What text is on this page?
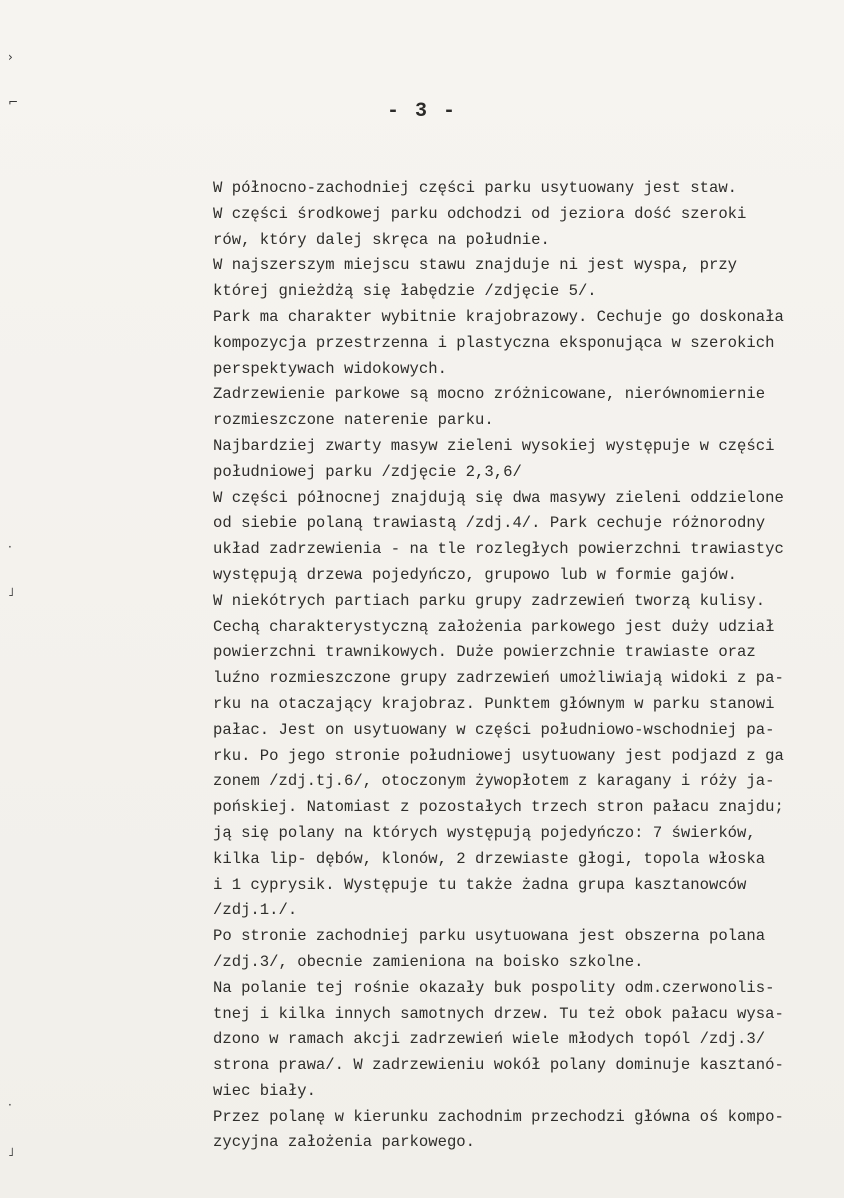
›
⌐
·
˩
·
˩
- 3 -
W północno-zachodniej części parku usytuowany jest staw.
W części środkowej parku odchodzi od jeziora dość szeroki
rów, który dalej skręca na południe.
W najszerszym miejscu stawu znajduje ni jest wyspa, przy
której gnieżdżą się łabędzie /zdjęcie 5/.
Park ma charakter wybitnie krajobrazowy. Cechuje go doskonała
kompozycja przestrzenna i plastyczna eksponująca w szerokich
perspektywach widokowych.
Zadrzewienie parkowe są mocno zróżnicowane, nierównomiernie
rozmieszczone naterenie parku.
Najbardziej zwarty masyw zieleni wysokiej występuje w części
południowej parku /zdjęcie 2,3,6/
W części północnej znajdują się dwa masywy zieleni oddzielone
od siebie polaną trawiastą /zdj.4/. Park cechuje różnorodny
układ zadrzewienia - na tle rozległych powierzchni trawiastyc
występują drzewa pojedyńczo, grupowo lub w formie gajów.
W niekótrych partiach parku grupy zadrzewień tworzą kulisy.
Cechą charakterystyczną założenia parkowego jest duży udział
powierzchni trawnikowych. Duże powierzchnie trawiaste oraz
luźno rozmieszczone grupy zadrzewień umożliwiają widoki z pa-
rku na otaczający krajobraz. Punktem głównym w parku stanowi
pałac. Jest on usytuowany w części południowo-wschodniej pa-
rku. Po jego stronie południowej usytuowany jest podjazd z ga
zonem /zdj.tj.6/, otoczonym żywopłotem z karagany i róży ja-
pońskiej. Natomiast z pozostałych trzech stron pałacu znajdu;
ją się polany na których występują pojedyńczo: 7 świerków,
kilka lip- dębów, klonów, 2 drzewiaste głogi, topola włoska
i 1 cyprysik. Występuje tu także żadna grupa kasztanowców
/zdj.1./.
Po stronie zachodniej parku usytuowana jest obszerna polana
/zdj.3/, obecnie zamieniona na boisko szkolne.
Na polanie tej rośnie okazały buk pospolity odm.czerwonolis-
tnej i kilka innych samotnych drzew. Tu też obok pałacu wysa-
dzono w ramach akcji zadrzewień wiele młodych topól /zdj.3/
strona prawa/. W zadrzewieniu wokół polany dominuje kasztanó-
wiec biały.
Przez polanę w kierunku zachodnim przechodzi główna oś kompo-
zycyjna założenia parkowego.
